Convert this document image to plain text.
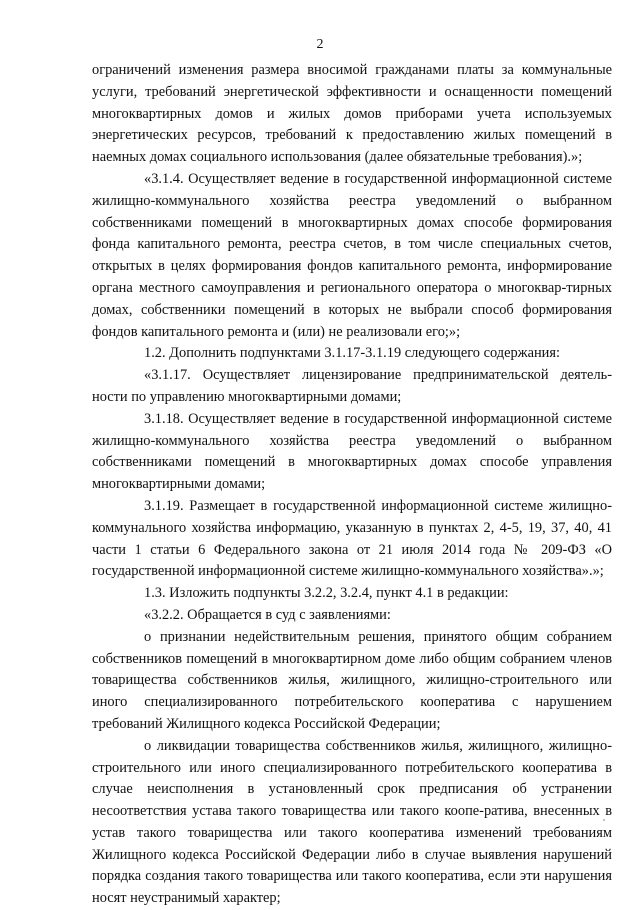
2

ограничений изменения размера вносимой гражданами платы за коммунальные услуги, требований энергетической эффективности и оснащенности помещений многоквартирных домов и жилых домов приборами учета используемых энергетических ресурсов, требований к предоставлению жилых помещений в наемных домах социального использования (далее обязательные требования).»;

«3.1.4. Осуществляет ведение в государственной информационной системе жилищно-коммунального хозяйства реестра уведомлений о выбранном собственниками помещений в многоквартирных домах способе формирования фонда капитального ремонта, реестра счетов, в том числе специальных счетов, открытых в целях формирования фондов капитального ремонта, информирование органа местного самоуправления и регионального оператора о многоквар-тирных домах, собственники помещений в которых не выбрали способ формирования фондов капитального ремонта и (или) не реализовали его;»;

1.2. Дополнить подпунктами 3.1.17-3.1.19 следующего содержания:

«3.1.17. Осуществляет лицензирование предпринимательской деятель-ности по управлению многоквартирными домами;

3.1.18. Осуществляет ведение в государственной информационной системе жилищно-коммунального хозяйства реестра уведомлений о выбранном собственниками помещений в многоквартирных домах способе управления многоквартирными домами;

3.1.19. Размещает в государственной информационной системе жилищно-коммунального хозяйства информацию, указанную в пунктах 2, 4-5, 19, 37, 40, 41 части 1 статьи 6 Федерального закона от 21 июля 2014 года № 209-ФЗ «О государственной информационной системе жилищно-коммунального хозяйства».»;

1.3. Изложить подпункты 3.2.2, 3.2.4, пункт 4.1 в редакции:

«3.2.2. Обращается в суд с заявлениями:

о признании недействительным решения, принятого общим собранием собственников помещений в многоквартирном доме либо общим собранием членов товарищества собственников жилья, жилищного, жилищно-строительного или иного специализированного потребительского кооператива с нарушением требований Жилищного кодекса Российской Федерации;

о ликвидации товарищества собственников жилья, жилищного, жилищно-строительного или иного специализированного потребительского кооператива в случае неисполнения в установленный срок предписания об устранении несоответствия устава такого товарищества или такого коопе-ратива, внесенных в устав такого товарищества или такого кооператива изменений требованиям Жилищного кодекса Российской Федерации либо в случае выявления нарушений порядка создания такого товарищества или такого кооператива, если эти нарушения носят неустранимый характер;
